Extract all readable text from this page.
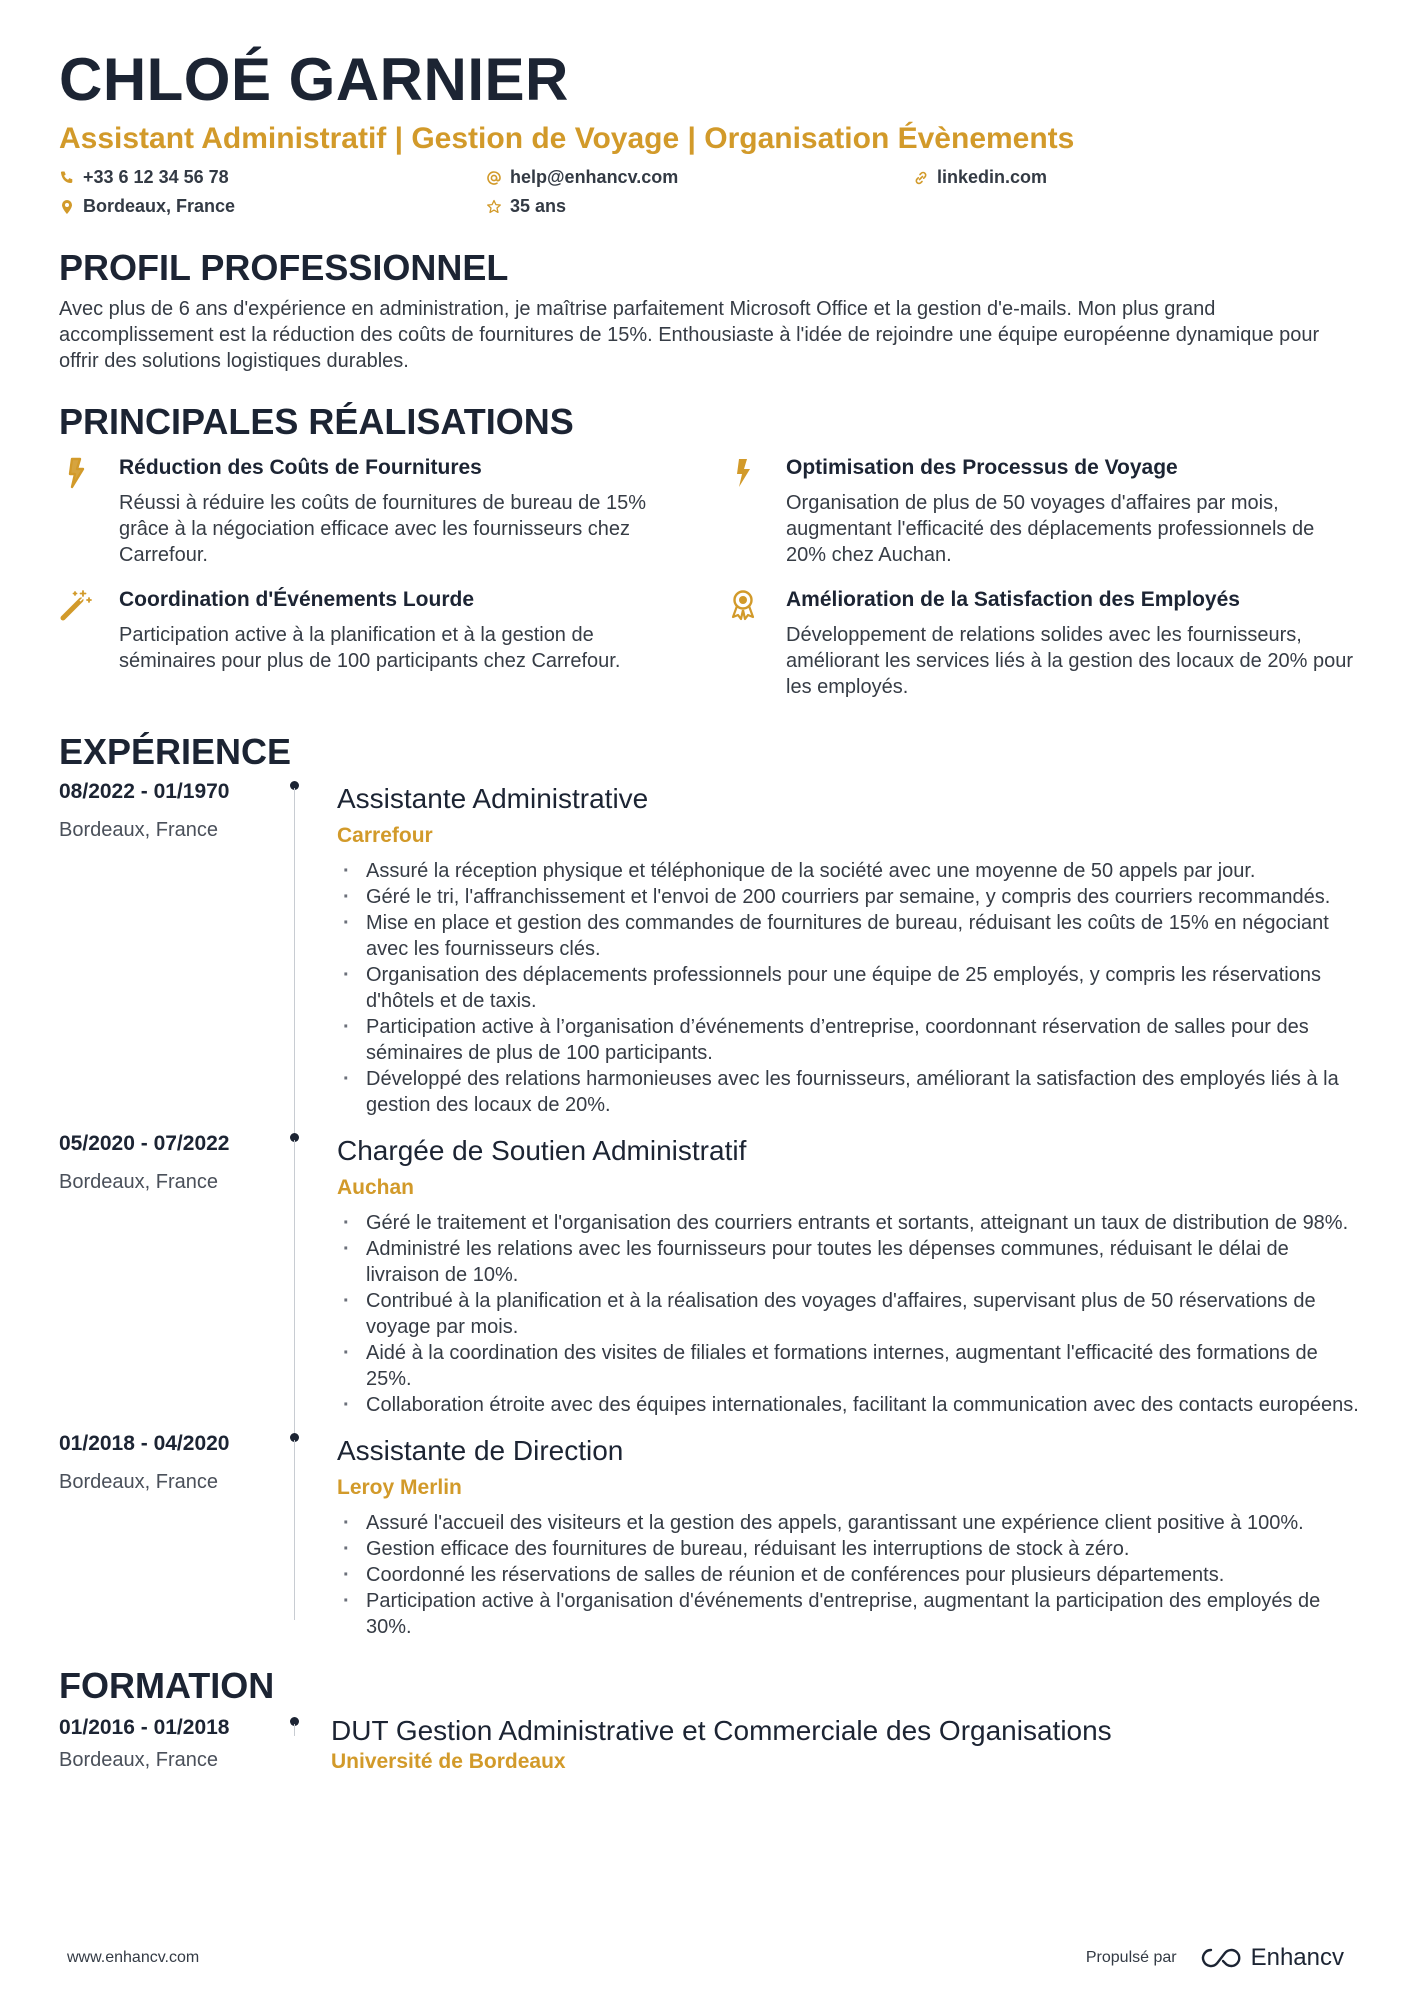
CHLOÉ GARNIER
Assistant Administratif | Gestion de Voyage | Organisation Évènements
+33 6 12 34 56 78	help@enhancv.com	linkedin.com
Bordeaux, France	35 ans
PROFIL PROFESSIONNEL

Avec plus de 6 ans d'expérience en administration, je maîtrise parfaitement Microsoft Office et la gestion d'e-mails. Mon plus grand accomplissement est la réduction des coûts de fournitures de 15%. Enthousiaste à l'idée de rejoindre une équipe européenne dynamique pour offrir des solutions logistiques durables.

PRINCIPALES RÉALISATIONS
Réduction des Coûts de Fournitures
Réussi à réduire les coûts de fournitures de bureau de 15% grâce à la négociation efficace avec les fournisseurs chez Carrefour.
Optimisation des Processus de Voyage
Organisation de plus de 50 voyages d'affaires par mois, augmentant l'efficacité des déplacements professionnels de 20% chez Auchan.
Coordination d'Événements Lourde
Participation active à la planification et à la gestion de séminaires pour plus de 100 participants chez Carrefour.
Amélioration de la Satisfaction des Employés
Développement de relations solides avec les fournisseurs, améliorant les services liés à la gestion des locaux de 20% pour les employés.
EXPÉRIENCE
08/2022 - 01/1970
Bordeaux, France
Assistante Administrative
Carrefour
· Assuré la réception physique et téléphonique de la société avec une moyenne de 50 appels par jour.
· Géré le tri, l'affranchissement et l'envoi de 200 courriers par semaine, y compris des courriers recommandés.
· Mise en place et gestion des commandes de fournitures de bureau, réduisant les coûts de 15% en négociant avec les fournisseurs clés.
· Organisation des déplacements professionnels pour une équipe de 25 employés, y compris les réservations d'hôtels et de taxis.
· Participation active à l’organisation d’événements d’entreprise, coordonnant réservation de salles pour des séminaires de plus de 100 participants.
· Développé des relations harmonieuses avec les fournisseurs, améliorant la satisfaction des employés liés à la gestion des locaux de 20%.
05/2020 - 07/2022
Bordeaux, France
Chargée de Soutien Administratif
Auchan
· Géré le traitement et l'organisation des courriers entrants et sortants, atteignant un taux de distribution de 98%.
· Administré les relations avec les fournisseurs pour toutes les dépenses communes, réduisant le délai de livraison de 10%.
· Contribué à la planification et à la réalisation des voyages d'affaires, supervisant plus de 50 réservations de voyage par mois.
· Aidé à la coordination des visites de filiales et formations internes, augmentant l'efficacité des formations de 25%.
· Collaboration étroite avec des équipes internationales, facilitant la communication avec des contacts européens.
01/2018 - 04/2020
Bordeaux, France
Assistante de Direction
Leroy Merlin
· Assuré l'accueil des visiteurs et la gestion des appels, garantissant une expérience client positive à 100%.
· Gestion efficace des fournitures de bureau, réduisant les interruptions de stock à zéro.
· Coordonné les réservations de salles de réunion et de conférences pour plusieurs départements.
· Participation active à l'organisation d'événements d'entreprise, augmentant la participation des employés de 30%.
FORMATION
01/2016 - 01/2018
Bordeaux, France
DUT Gestion Administrative et Commerciale des Organisations
Université de Bordeaux
www.enhancv.com	Propulsé par	Enhancv
